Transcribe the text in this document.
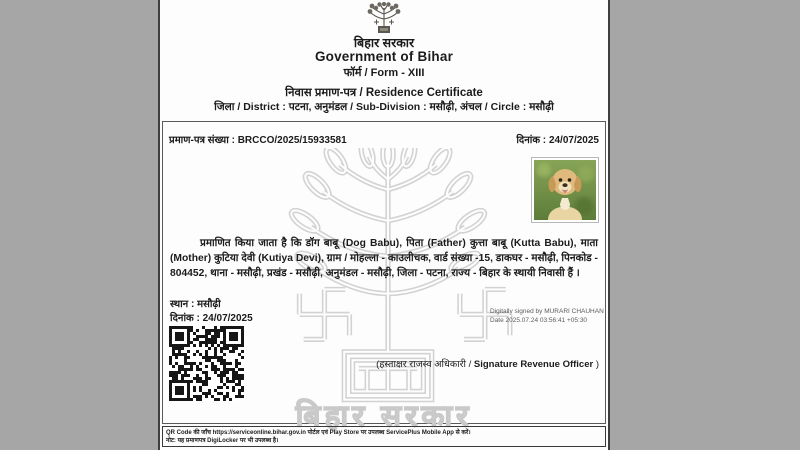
बिहार सरकार
Government of Bihar
फॉर्म / Form - XIII
निवास प्रमाण-पत्र / Residence Certificate
जिला / District : पटना, अनुमंडल / Sub-Division : मसौढ़ी, अंचल / Circle : मसौढ़ी
बिहार सरकार
प्रमाण-पत्र संख्या : BRCCO/2025/15933581	दिनांक : 24/07/2025
प्रमाणित किया जाता है कि डॉग बाबू (Dog Babu), पिता (Father) कुत्ता बाबू (Kutta Babu), माता (Mother) कुटिया देवी (Kutiya Devi), ग्राम / मोहल्ला - काउलीचक, वार्ड संख्या -15, डाकघर - मसौढ़ी, पिनकोड - 804452, थाना - मसौढ़ी, प्रखंड - मसौढ़ी, अनुमंडल - मसौढ़ी, जिला - पटना, राज्य - बिहार के स्थायी निवासी हैं ।
स्थान : मसौढ़ी
दिनांक : 24/07/2025
Digitally signed by MURARI CHAUHAN
Date 2025.07.24 03:56:41 +05:30
(हस्ताक्षर राजस्व अधिकारी / Signature Revenue Officer )
QR Code की जाँच https://serviceonline.bihar.gov.in पोर्टल एवं Play Store पर उपलब्ध ServicePlus Mobile App से करें।
नोट: यह प्रमाणपत्र DigiLocker पर भी उपलब्ध है।
